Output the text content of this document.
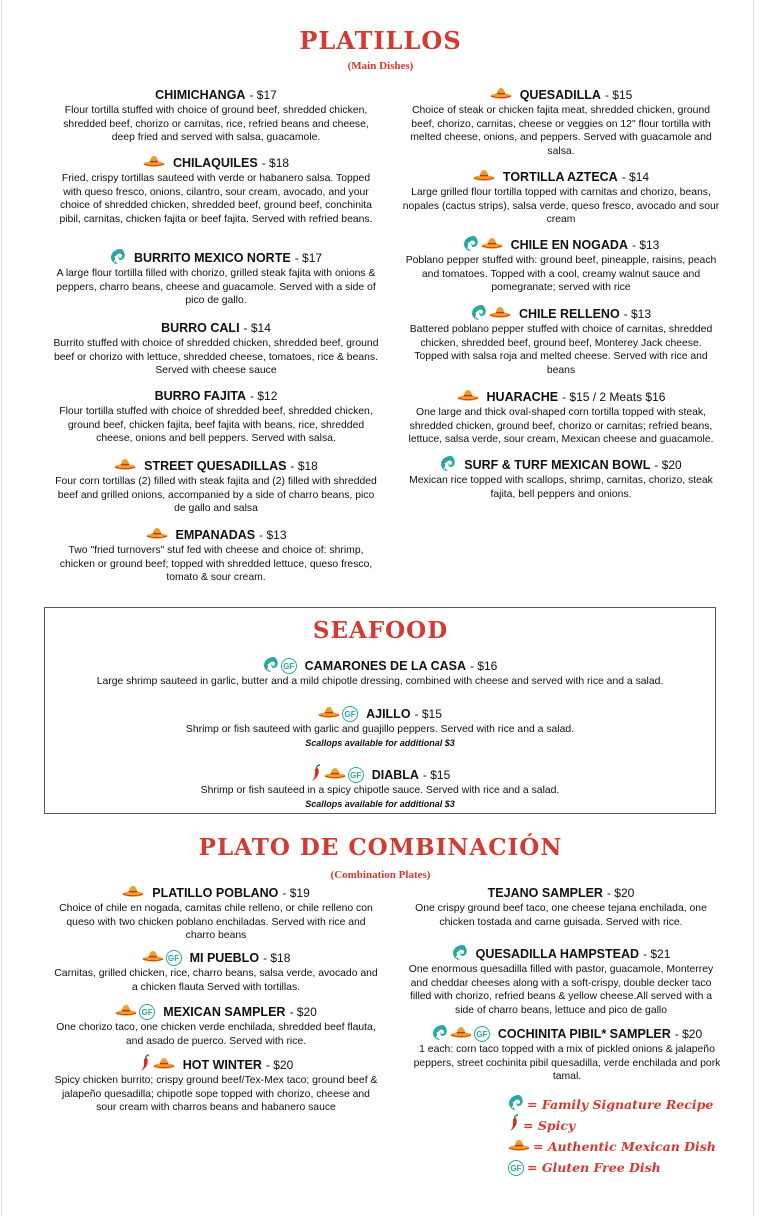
PLATILLOS
(Main Dishes)
CHIMICHANGA - $17
Flour tortilla stuffed with choice of ground beef, shredded chicken, shredded beef, chorizo or carnitas, rice, refried beans and cheese, deep fried and served with salsa, guacamole.
CHILAQUILES - $18
Fried, crispy tortillas sauteed with verde or habanero salsa. Topped with queso fresco, onions, cilantro, sour cream, avocado, and your choice of shredded chicken, shredded beef, ground beef, conchinita pibil, carnitas, chicken fajita or beef fajita. Served with refried beans.
BURRITO MEXICO NORTE - $17
A large flour tortilla filled with chorizo, grilled steak fajita with onions & peppers, charro beans, cheese and guacamole. Served with a side of pico de gallo.
BURRO CALI - $14
Burrito stuffed with choice of shredded chicken, shredded beef, ground beef or chorizo with lettuce, shredded cheese, tomatoes, rice & beans. Served with cheese sauce
BURRO FAJITA - $12
Flour tortilla stuffed with choice of shredded beef, shredded chicken, ground beef, chicken fajita, beef fajita with beans, rice, shredded cheese, onions and bell peppers. Served with salsa.
STREET QUESADILLAS - $18
Four corn tortillas (2) filled with steak fajita and (2) filled with shredded beef and grilled onions, accompanied by a side of charro beans, pico de gallo and salsa
EMPANADAS - $13
Two "fried turnovers" stuf fed with cheese and choice of: shrimp, chicken or ground beef; topped with shredded lettuce, queso fresco, tomato & sour cream.
QUESADILLA - $15
Choice of steak or chicken fajita meat, shredded chicken, ground beef, chorizo, carnitas, cheese or veggies on 12" flour tortilla with melted cheese, onions, and peppers. Served with guacamole and salsa.
TORTILLA AZTECA - $14
Large grilled flour tortilla topped with carnitas and chorizo, beans, nopales (cactus strips), salsa verde, queso fresco, avocado and sour cream
CHILE EN NOGADA - $13
Poblano pepper stuffed with: ground beef, pineapple, raisins, peach and tomatoes. Topped with a cool, creamy walnut sauce and pomegranate; served with rice
CHILE RELLENO - $13
Battered poblano pepper stuffed with choice of carnitas, shredded chicken, shredded beef, ground beef, Monterey Jack cheese. Topped with salsa roja and melted cheese. Served with rice and beans
HUARACHE - $15 / 2 Meats $16
One large and thick oval-shaped corn tortilla topped with steak, shredded chicken, ground beef, chorizo or carnitas; refried beans, lettuce, salsa verde, sour cream, Mexican cheese and guacamole.
SURF & TURF MEXICAN BOWL - $20
Mexican rice topped with scallops, shrimp, carnitas, chorizo, steak fajita, bell peppers and onions.
SEAFOOD
GF CAMARONES DE LA CASA - $16
Large shrimp sauteed in garlic, butter and a mild chipotle dressing, combined with cheese and served with rice and a salad.
GF AJILLO - $15
Shrimp or fish sauteed with garlic and guajillo peppers. Served with rice and a salad.
Scallops available for additional $3
GF DIABLA - $15
Shrimp or fish sauteed in a spicy chipotle sauce. Served with rice and a salad.
Scallops available for additional $3
PLATO DE COMBINACIÓN
(Combination Plates)
PLATILLO POBLANO - $19
Choice of chile en nogada, carnitas chile relleno, or chile relleno con queso with two chicken poblano enchiladas. Served with rice and charro beans
GF MI PUEBLO - $18
Carnitas, grilled chicken, rice, charro beans, salsa verde, avocado and a chicken flauta Served with tortillas.
GF MEXICAN SAMPLER - $20
One chorizo taco, one chicken verde enchilada, shredded beef flauta, and asado de puerco. Served with rice.
HOT WINTER - $20
Spicy chicken burrito; crispy ground beef/Tex-Mex taco; ground beef & jalapeño quesadilla; chipotle sope topped with chorizo, cheese and sour cream with charros beans and habanero sauce
TEJANO SAMPLER - $20
One crispy ground beef taco, one cheese tejana enchilada, one chicken tostada and carne guisada. Served with rice.
QUESADILLA HAMPSTEAD - $21
One enormous quesadilla filled with pastor, guacamole, Monterrey and cheddar cheeses along with a soft-crispy, double decker taco filled with chorizo, refried beans & yellow cheese.All served with a side of charro beans, lettuce and pico de gallo
GF COCHINITA PIBIL* SAMPLER - $20
1 each: corn taco topped with a mix of pickled onions & jalapeño peppers, street cochinita pibil quesadilla, verde enchilada and pork tamal.
= Family Signature Recipe
= Spicy
= Authentic Mexican Dish
GF = Gluten Free Dish
